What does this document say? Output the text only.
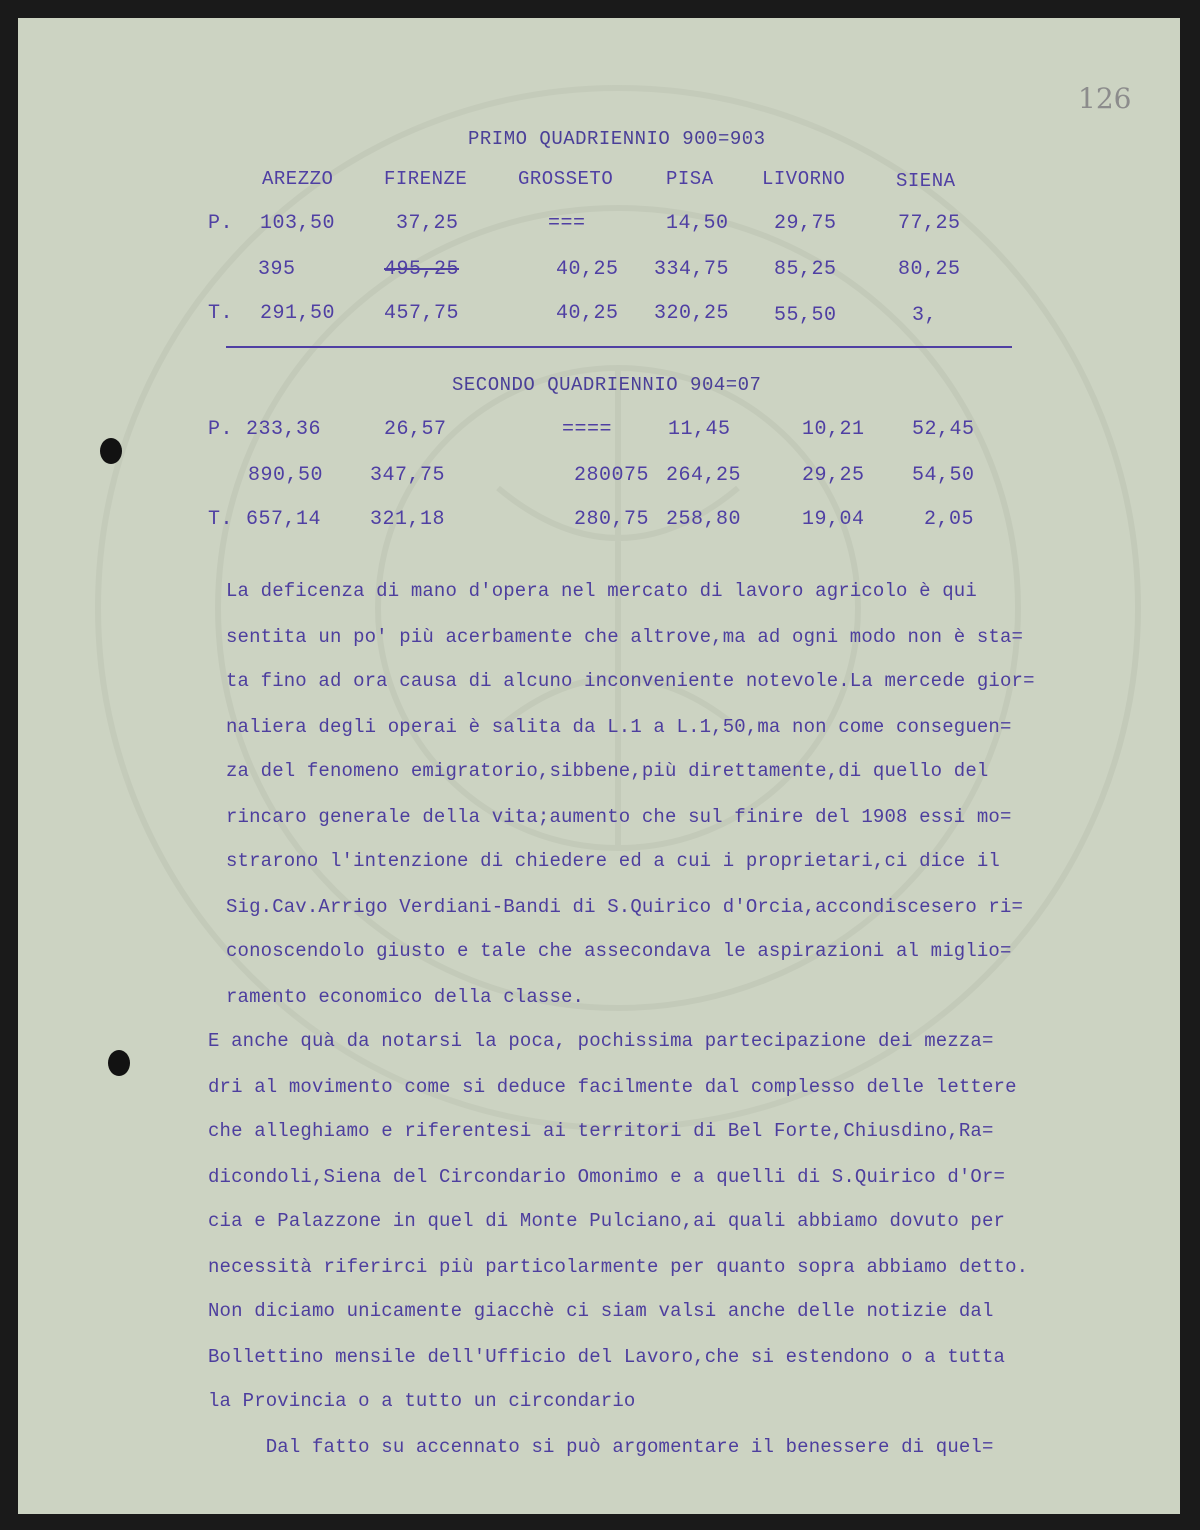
126
PRIMO QUADRIENNIO 900=903
AREZZO	FIRENZE	GROSSETO	PISA	LIVORNO	SIENA
P. 103,50	37,25	===	14,50 29,75	77,25
395	495,25	40,25 334,75 85,25	80,25
T. 291,50 457,75	40,25 320,25 55,50	3,
SECONDO QUADRIENNIO 904=07
P. 233,36	26,57	====	11,45	10,21 52,45
890,50 347,75	280075 264,25	29,25 54,50
T. 657,14 321,18	280,75 258,80	19,04	2,05
La deficenza di mano d'opera nel mercato di lavoro agricolo è qui
sentita un po' più acerbamente che altrove,ma ad ogni modo non è sta=
ta fino ad ora causa di alcuno inconveniente notevole.La mercede gior=
naliera degli operai è salita da L.1 a L.1,50,ma non come conseguen=
za del fenomeno emigratorio,sibbene,più direttamente,di quello del
rincaro generale della vita;aumento che sul finire del 1908 essi mo=
strarono l'intenzione di chiedere ed a cui i proprietari,ci dice il
Sig.Cav.Arrigo Verdiani-Bandi di S.Quirico d'Orcia,accondiscesero ri=
conoscendolo giusto e tale che assecondava le aspirazioni al miglio=
ramento economico della classe.
E anche quà da notarsi la poca, pochissima partecipazione dei mezza=
dri al movimento come si deduce facilmente dal complesso delle lettere
che alleghiamo e riferentesi ai territori di Bel Forte,Chiusdino,Ra=
dicondoli,Siena del Circondario Omonimo e a quelli di S.Quirico d'Or=
cia e Palazzone in quel di Monte Pulciano,ai quali abbiamo dovuto per
necessità riferirci più particolarmente per quanto sopra abbiamo detto.
Non diciamo unicamente giacchè ci siam valsi anche delle notizie dal
Bollettino mensile dell'Ufficio del Lavoro,che si estendono o a tutta
la Provincia o a tutto un circondario
Dal fatto su accennato si può argomentare il benessere di quel=
